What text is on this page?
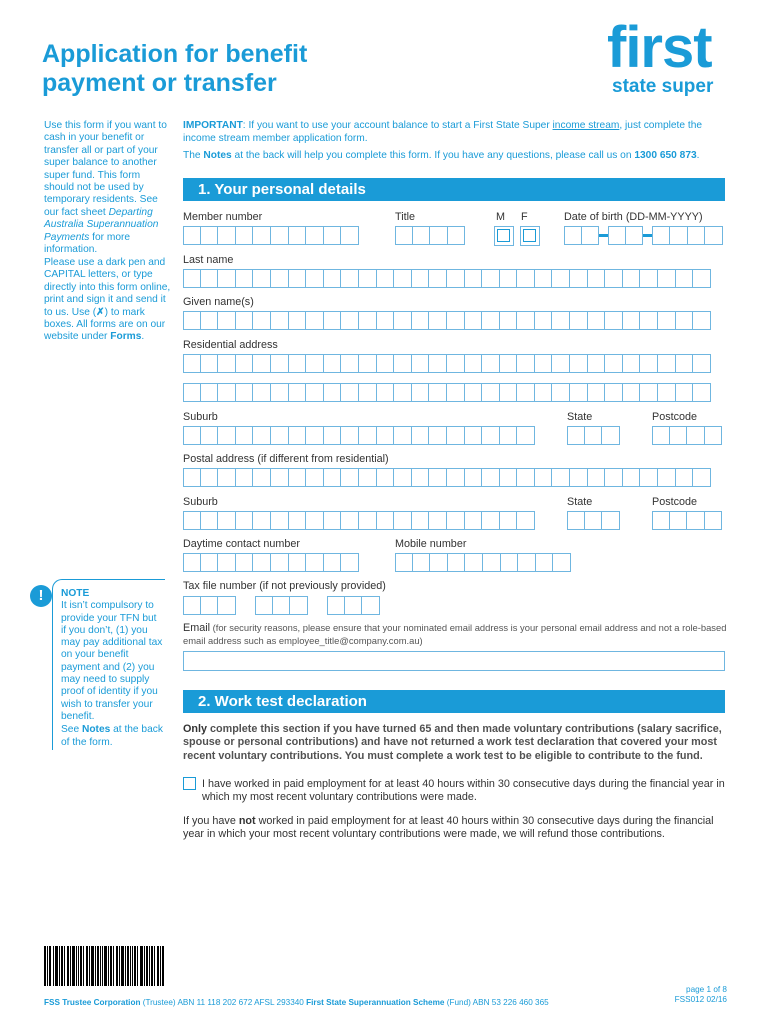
Application for benefit
payment or transfer
first
state super
Use this form if you want to cash in your benefit or transfer all or part of your super balance to another super fund. This form should not be used by temporary residents. See our fact sheet Departing Australia Superannuation Payments for more information.
Please use a dark pen and CAPITAL letters, or type directly into this form online, print and sign it and send it to us. Use (✗) to mark boxes. All forms are on our website under Forms.
IMPORTANT: If you want to use your account balance to start a First State Super income stream, just complete the income stream member application form.
The Notes at the back will help you complete this form. If you have any questions, please call us on 1300 650 873.
1. Your personal details
Member number	Title	M F	Date of birth (DD-MM-YYYY)
Last name
Given name(s)
Residential address
Suburb	State	Postcode
Postal address (if different from residential)
Suburb	State	Postcode
Daytime contact number	Mobile number
Tax file number (if not previously provided)
Email (for security reasons, please ensure that your nominated email address is your personal email address and not a role-based email address such as employee_title@company.com.au)
!	NOTE
It isn’t compulsory to provide your TFN but if you don’t, (1) you may pay additional tax on your benefit payment and (2) you may need to supply proof of identity if you wish to transfer your benefit.
See Notes at the back of the form.
2. Work test declaration
Only complete this section if you have turned 65 and then made voluntary contributions (salary sacrifice, spouse or personal contributions) and have not returned a work test declaration that covered your most recent voluntary contributions. You must complete a work test to be eligible to contribute to the fund.
I have worked in paid employment for at least 40 hours within 30 consecutive days during the financial year in which my most recent voluntary contributions were made.
If you have not worked in paid employment for at least 40 hours within 30 consecutive days during the financial year in which your most recent voluntary contributions were made, we will refund those contributions.
FSS Trustee Corporation (Trustee) ABN 11 118 202 672 AFSL 293340 First State Superannuation Scheme (Fund) ABN 53 226 460 365
page 1 of 8
FSS012 02/16
